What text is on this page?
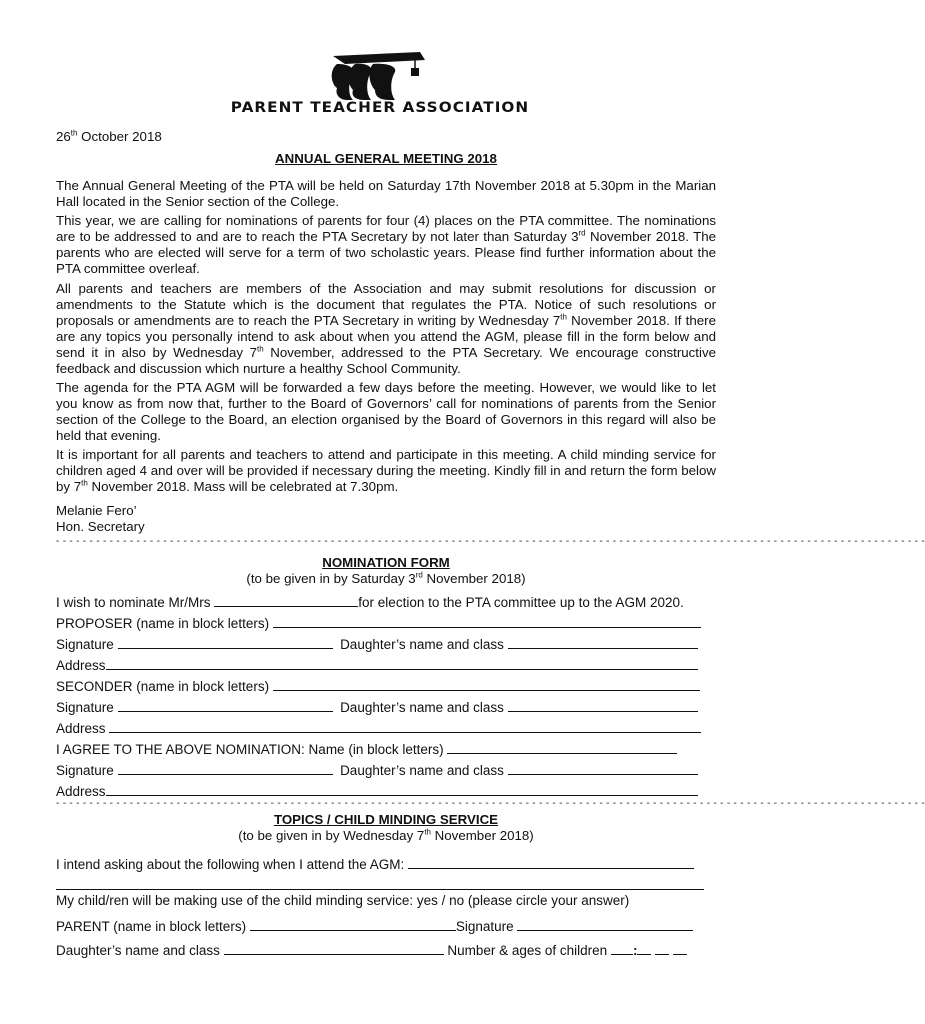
PARENT TEACHER ASSOCIATION
26th October 2018
ANNUAL GENERAL MEETING 2018

The Annual General Meeting of the PTA will be held on Saturday 17th November 2018 at 5.30pm in the Marian Hall located in the Senior section of the College.

This year, we are calling for nominations of parents for four (4) places on the PTA committee. The nominations are to be addressed to and are to reach the PTA Secretary by not later than Saturday 3rd November 2018. The parents who are elected will serve for a term of two scholastic years. Please find further information about the PTA committee overleaf.

All parents and teachers are members of the Association and may submit resolutions for discussion or amendments to the Statute which is the document that regulates the PTA. Notice of such resolutions or proposals or amendments are to reach the PTA Secretary in writing by Wednesday 7th November 2018. If there are any topics you personally intend to ask about when you attend the AGM, please fill in the form below and send it in also by Wednesday 7th November, addressed to the PTA Secretary. We encourage constructive feedback and discussion which nurture a healthy School Community.

The agenda for the PTA AGM will be forwarded a few days before the meeting. However, we would like to let you know as from now that, further to the Board of Governors’ call for nominations of parents from the Senior section of the College to the Board, an election organised by the Board of Governors in this regard will also be held that evening.

It is important for all parents and teachers to attend and participate in this meeting. A child minding service for children aged 4 and over will be provided if necessary during the meeting. Kindly fill in and return the form below by 7th November 2018. Mass will be celebrated at 7.30pm.

Melanie Fero’
Hon. Secretary
- - - - - - - - - - - - - - - - - - - - - - - - - - - - - - - - - - - - - - - - - - - - - - - - - - - - - - - - - - - - - - - - - - - - - - - - - - - - - - - - - - - - - - - - - - - - - - - - - - - - - - - - - - - - - - - - - - - - - - - - - - - - - - - - - -
NOMINATION FORM
(to be given in by Saturday 3rd November 2018)
I wish to nominate Mr/Mrs	for election to the PTA committee up to the AGM 2020.
PROPOSER (name in block letters)
Signature	Daughter’s name and class
Address
SECONDER (name in block letters)
Signature	Daughter’s name and class
Address
I AGREE TO THE ABOVE NOMINATION: Name (in block letters)
Signature	Daughter’s name and class
Address
- - - - - - - - - - - - - - - - - - - - - - - - - - - - - - - - - - - - - - - - - - - - - - - - - - - - - - - - - - - - - - - - - - - - - - - - - - - - - - - - - - - - - - - - - - - - - - - - - - - - - - - - - - - - - - - - - - - - - - - - - - - - - - - - - -
TOPICS / CHILD MINDING SERVICE
(to be given in by Wednesday 7th November 2018)
I intend asking about the following when I attend the AGM:
My child/ren will be making use of the child minding service: yes / no (please circle your answer)
PARENT (name in block letters)	Signature
Daughter’s name and class	Number & ages of children :
